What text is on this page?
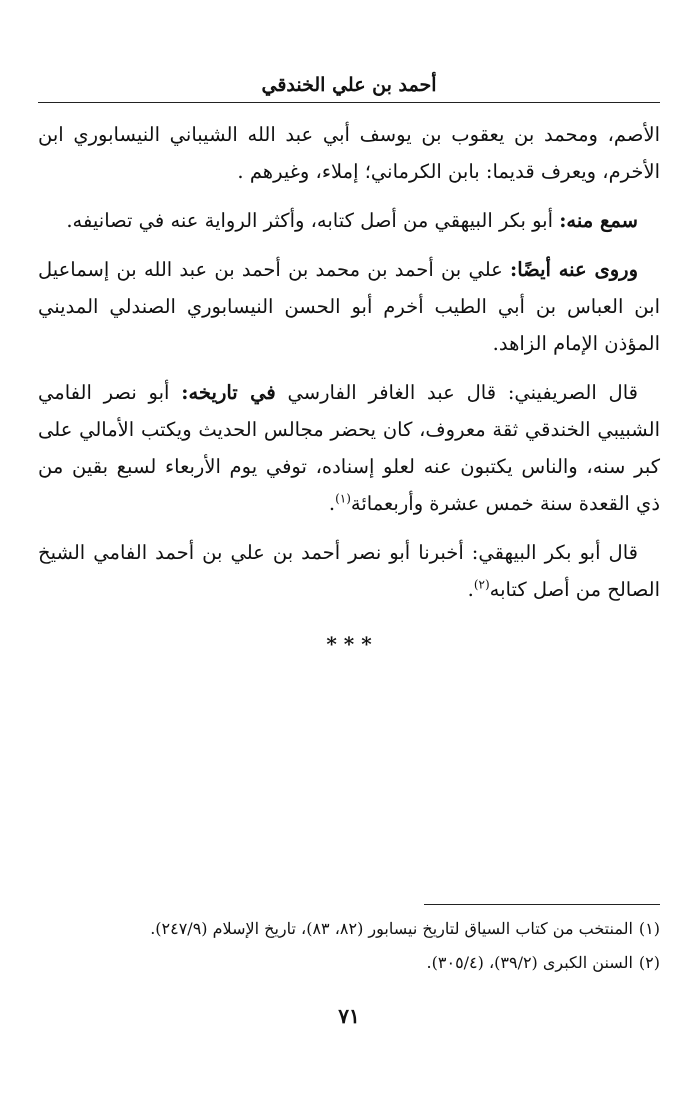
أحمد بن علي الخندقي

الأصم، ومحمد بن يعقوب بن يوسف أبي عبد الله الشيباني النيسابوري ابن الأخرم، ويعرف قديما: بابن الكرماني؛ إملاء، وغيرهم .

سمع منه: أبو بكر البيهقي من أصل كتابه، وأكثر الرواية عنه في تصانيفه.

وروى عنه أيضًا: علي بن أحمد بن محمد بن أحمد بن عبد الله بن إسماعيل ابن العباس بن أبي الطيب أخرم أبو الحسن النيسابوري الصندلي المديني المؤذن الإمام الزاهد.

قال الصريفيني: قال عبد الغافر الفارسي في تاريخه: أبو نصر الفامي الشبيبي الخندقي ثقة معروف، كان يحضر مجالس الحديث ويكتب الأمالي على كبر سنه، والناس يكتبون عنه لعلو إسناده، توفي يوم الأربعاء لسبع بقين من ذي القعدة سنة خمس عشرة وأربعمائة$^{(١)}$.

قال أبو بكر البيهقي: أخبرنا أبو نصر أحمد بن علي بن أحمد الفامي الشيخ الصالح من أصل كتابه$^{(٢)}$.

* * *

(١)المنتخب من كتاب السياق لتاريخ نيسابور (٨٢، ٨٣)، تاريخ الإسلام (٢٤٧/٩).

(٢)السنن الكبرى (٣٩/٢)، (٣٠٥/٤).

٧١
